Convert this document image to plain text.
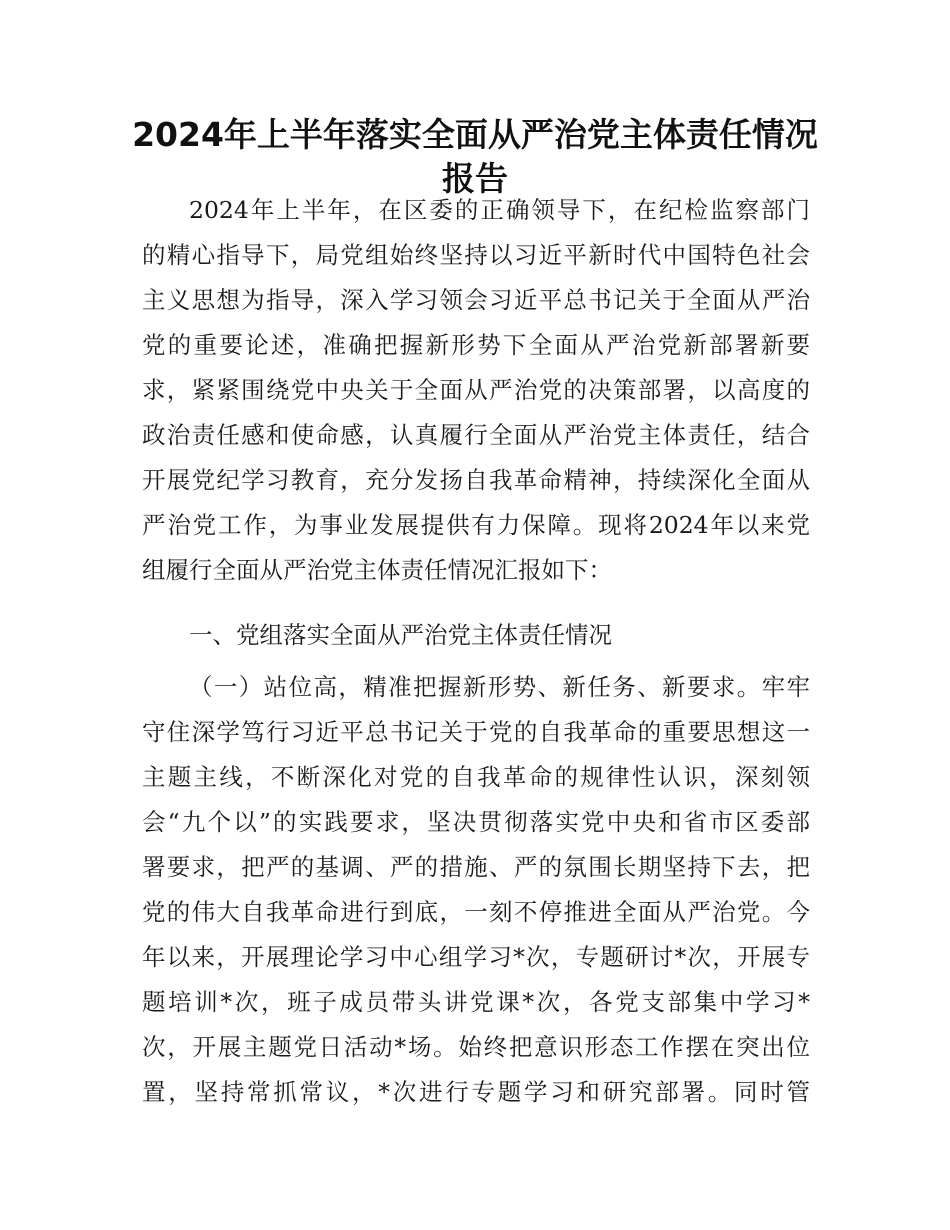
2024年上半年落实全面从严治党主体责任情况
报告

2024年上半年，在区委的正确领导下，在纪检监察部门

的精心指导下，局党组始终坚持以习近平新时代中国特色社会

主义思想为指导，深入学习领会习近平总书记关于全面从严治

党的重要论述，准确把握新形势下全面从严治党新部署新要

求，紧紧围绕党中央关于全面从严治党的决策部署，以高度的

政治责任感和使命感，认真履行全面从严治党主体责任，结合

开展党纪学习教育，充分发扬自我革命精神，持续深化全面从

严治党工作，为事业发展提供有力保障。现将2024年以来党

组履行全面从严治党主体责任情况汇报如下：

一、党组落实全面从严治党主体责任情况

（一）站位高，精准把握新形势、新任务、新要求。牢牢

守住深学笃行习近平总书记关于党的自我革命的重要思想这一

主题主线，不断深化对党的自我革命的规律性认识，深刻领

会“九个以”的实践要求，坚决贯彻落实党中央和省市区委部

署要求，把严的基调、严的措施、严的氛围长期坚持下去，把

党的伟大自我革命进行到底，一刻不停推进全面从严治党。今

年以来，开展理论学习中心组学习*次，专题研讨*次，开展专

题培训*次，班子成员带头讲党课*次，各党支部集中学习*

次，开展主题党日活动*场。始终把意识形态工作摆在突出位

置，坚持常抓常议，*次进行专题学习和研究部署。同时管
